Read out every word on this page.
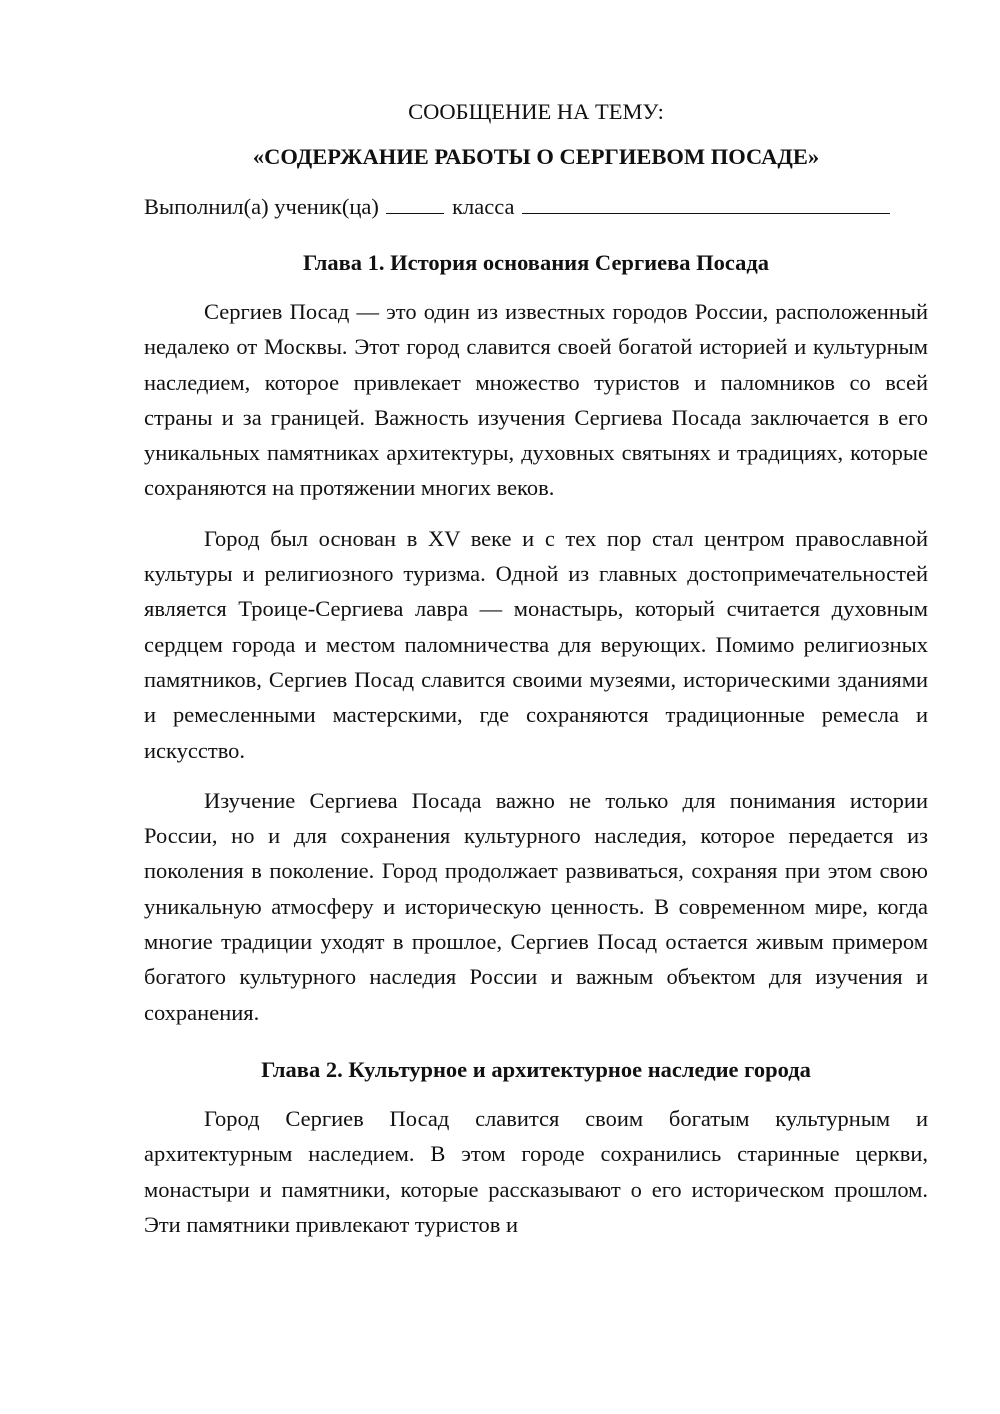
СООБЩЕНИЕ НА ТЕМУ:

«СОДЕРЖАНИЕ РАБОТЫ О СЕРГИЕВОМ ПОСАДЕ»

Выполнил(а) ученик(ца)	класса

Глава 1. История основания Сергиева Посада

Сергиев Посад — это один из известных городов России, расположенный недалеко от Москвы. Этот город славится своей богатой историей и культурным наследием, которое привлекает множество туристов и паломников со всей страны и за границей. Важность изучения Сергиева Посада заключается в его уникальных памятниках архитектуры, духовных святынях и традициях, которые сохраняются на протяжении многих веков.

Город был основан в XV веке и с тех пор стал центром православной культуры и религиозного туризма. Одной из главных достопримечательностей является Троице-Сергиева лавра — монастырь, который считается духовным сердцем города и местом паломничества для верующих. Помимо религиозных памятников, Сергиев Посад славится своими музеями, историческими зданиями и ремесленными мастерскими, где сохраняются традиционные ремесла и искусство.

Изучение Сергиева Посада важно не только для понимания истории России, но и для сохранения культурного наследия, которое передается из поколения в поколение. Город продолжает развиваться, сохраняя при этом свою уникальную атмосферу и историческую ценность. В современном мире, когда многие традиции уходят в прошлое, Сергиев Посад остается живым примером богатого культурного наследия России и важным объектом для изучения и сохранения.

Глава 2. Культурное и архитектурное наследие города

Город Сергиев Посад славится своим богатым культурным и архитектурным наследием. В этом городе сохранились старинные церкви, монастыри и памятники, которые рассказывают о его историческом прошлом. Эти памятники привлекают туристов и
